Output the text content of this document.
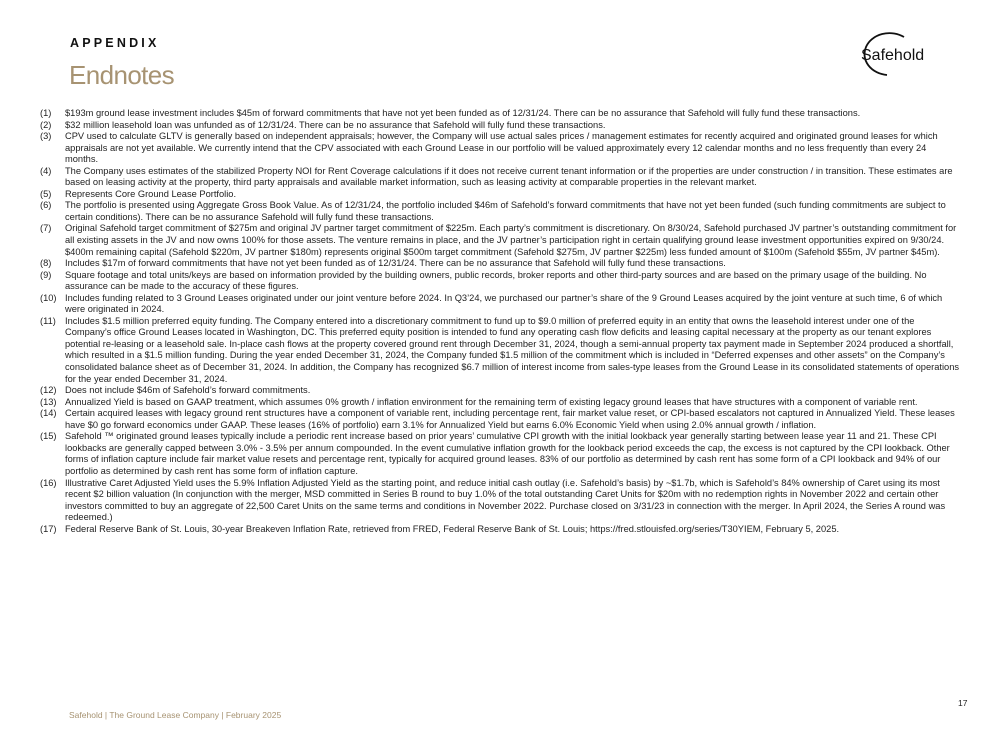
APPENDIX
Endnotes
Safehold
(1)	$193m ground lease investment includes $45m of forward commitments that have not yet been funded as of 12/31/24. There can be no assurance that Safehold will fully fund these transactions.
(2)	$32 million leasehold loan was unfunded as of 12/31/24. There can be no assurance that Safehold will fully fund these transactions.
(3)	CPV used to calculate GLTV is generally based on independent appraisals; however, the Company will use actual sales prices / management estimates for recently acquired and originated ground leases for which appraisals are not yet available. We currently intend that the CPV associated with each Ground Lease in our portfolio will be valued approximately every 12 calendar months and no less frequently than every 24 months.
(4)	The Company uses estimates of the stabilized Property NOI for Rent Coverage calculations if it does not receive current tenant information or if the properties are under construction / in transition. These estimates are based on leasing activity at the property, third party appraisals and available market information, such as leasing activity at comparable properties in the relevant market.
(5)	Represents Core Ground Lease Portfolio.
(6)	The portfolio is presented using Aggregate Gross Book Value. As of 12/31/24, the portfolio included $46m of Safehold’s forward commitments that have not yet been funded (such funding commitments are subject to certain conditions). There can be no assurance Safehold will fully fund these transactions.
(7)	Original Safehold target commitment of $275m and original JV partner target commitment of $225m. Each party’s commitment is discretionary. On 8/30/24, Safehold purchased JV partner’s outstanding commitment for all existing assets in the JV and now owns 100% for those assets. The venture remains in place, and the JV partner’s participation right in certain qualifying ground lease investment opportunities expired on 9/30/24. $400m remaining capital (Safehold $220m, JV partner $180m) represents original $500m target commitment (Safehold $275m, JV partner $225m) less funded amount of $100m (Safehold $55m, JV partner $45m).
(8)	Includes $17m of forward commitments that have not yet been funded as of 12/31/24. There can be no assurance that Safehold will fully fund these transactions.
(9)	Square footage and total units/keys are based on information provided by the building owners, public records, broker reports and other third-party sources and are based on the primary usage of the building. No assurance can be made to the accuracy of these figures.
(10) Includes funding related to 3 Ground Leases originated under our joint venture before 2024. In Q3’24, we purchased our partner’s share of the 9 Ground Leases acquired by the joint venture at such time, 6 of which were originated in 2024.
(11) Includes $1.5 million preferred equity funding. The Company entered into a discretionary commitment to fund up to $9.0 million of preferred equity in an entity that owns the leasehold interest under one of the Company’s office Ground Leases located in Washington, DC. This preferred equity position is intended to fund any operating cash flow deficits and leasing capital necessary at the property as our tenant explores potential re-leasing or a leasehold sale. In-place cash flows at the property covered ground rent through December 31, 2024, though a semi-annual property tax payment made in September 2024 produced a shortfall, which resulted in a $1.5 million funding. During the year ended December 31, 2024, the Company funded $1.5 million of the commitment which is included in “Deferred expenses and other assets” on the Company’s consolidated balance sheet as of December 31, 2024. In addition, the Company has recognized $6.7 million of interest income from sales-type leases from the Ground Lease in its consolidated statements of operations for the year ended December 31, 2024.
(12) Does not include $46m of Safehold’s forward commitments.
(13) Annualized Yield is based on GAAP treatment, which assumes 0% growth / inflation environment for the remaining term of existing legacy ground leases that have structures with a component of variable rent.
(14) Certain acquired leases with legacy ground rent structures have a component of variable rent, including percentage rent, fair market value reset, or CPI-based escalators not captured in Annualized Yield. These leases have $0 go forward economics under GAAP. These leases (16% of portfolio) earn 3.1% for Annualized Yield but earns 6.0% Economic Yield when using 2.0% annual growth / inflation.
(15) Safehold ™ originated ground leases typically include a periodic rent increase based on prior years’ cumulative CPI growth with the initial lookback year generally starting between lease year 11 and 21. These CPI lookbacks are generally capped between 3.0% - 3.5% per annum compounded. In the event cumulative inflation growth for the lookback period exceeds the cap, the excess is not captured by the CPI lookback. Other forms of inflation capture include fair market value resets and percentage rent, typically for acquired ground leases. 83% of our portfolio as determined by cash rent has some form of a CPI lookback and 94% of our portfolio as determined by cash rent has some form of inflation capture.
(16) Illustrative Caret Adjusted Yield uses the 5.9% Inflation Adjusted Yield as the starting point, and reduce initial cash outlay (i.e. Safehold’s basis) by ~$1.7b, which is Safehold’s 84% ownership of Caret using its most recent $2 billion valuation (In conjunction with the merger, MSD committed in Series B round to buy 1.0% of the total outstanding Caret Units for $20m with no redemption rights in November 2022 and certain other investors committed to buy an aggregate of 22,500 Caret Units on the same terms and conditions in November 2022. Purchase closed on 3/31/23 in connection with the merger. In April 2024, the Series A round was redeemed.)
(17) Federal Reserve Bank of St. Louis, 30-year Breakeven Inflation Rate, retrieved from FRED, Federal Reserve Bank of St. Louis; https://fred.stlouisfed.org/series/T30YIEM, February 5, 2025.
Safehold | The Ground Lease Company | February 2025
17
